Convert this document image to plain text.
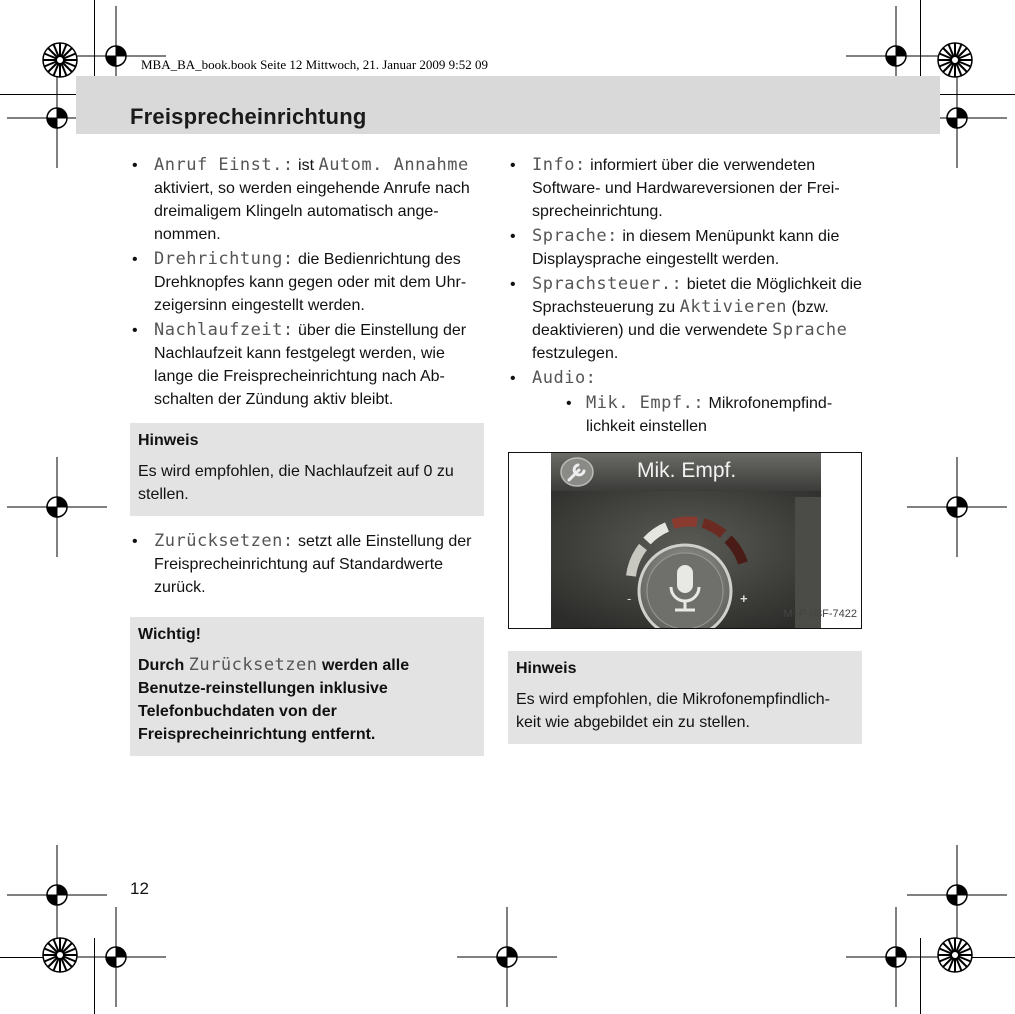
MBA_BA_book.book Seite 12 Mittwoch, 21. Januar 2009 9:52 09
Freisprecheinrichtung
• Anruf Einst.: ist Autom. Annahme aktiviert, so werden eingehende Anrufe nach dreimaligem Klingeln automatisch ange-nommen.
• Drehrichtung: die Bedienrichtung des Drehknopfes kann gegen oder mit dem Uhr-zeigersinn eingestellt werden.
• Nachlaufzeit: über die Einstellung der Nachlaufzeit kann festgelegt werden, wie lange die Freisprecheinrichtung nach Ab-schalten der Zündung aktiv bleibt.
Hinweis
Es wird empfohlen, die Nachlaufzeit auf 0 zu stellen.
• Zurücksetzen: setzt alle Einstellung der Freisprecheinrichtung auf Standardwerte zurück.
Wichtig!
Durch Zurücksetzen werden alle Benutze-reinstellungen inklusive Telefonbuchdaten von der Freisprecheinrichtung entfernt.
• Info: informiert über die verwendeten Software- und Hardwareversionen der Frei-sprecheinrichtung.
• Sprache: in diesem Menüpunkt kann die Displaysprache eingestellt werden.
• Sprachsteuer.: bietet die Möglichkeit die Sprachsteuerung zu Aktivieren (bzw. deaktivieren) und die verwendete Sprache festzulegen.
• Audio:
• Mik. Empf.: Mikrofonempfind-lichkeit einstellen
Mik. Empf.
-	+
M+P-03F-7422
Hinweis
Es wird empfohlen, die Mikrofonempfindlich-keit wie abgebildet ein zu stellen.
12
